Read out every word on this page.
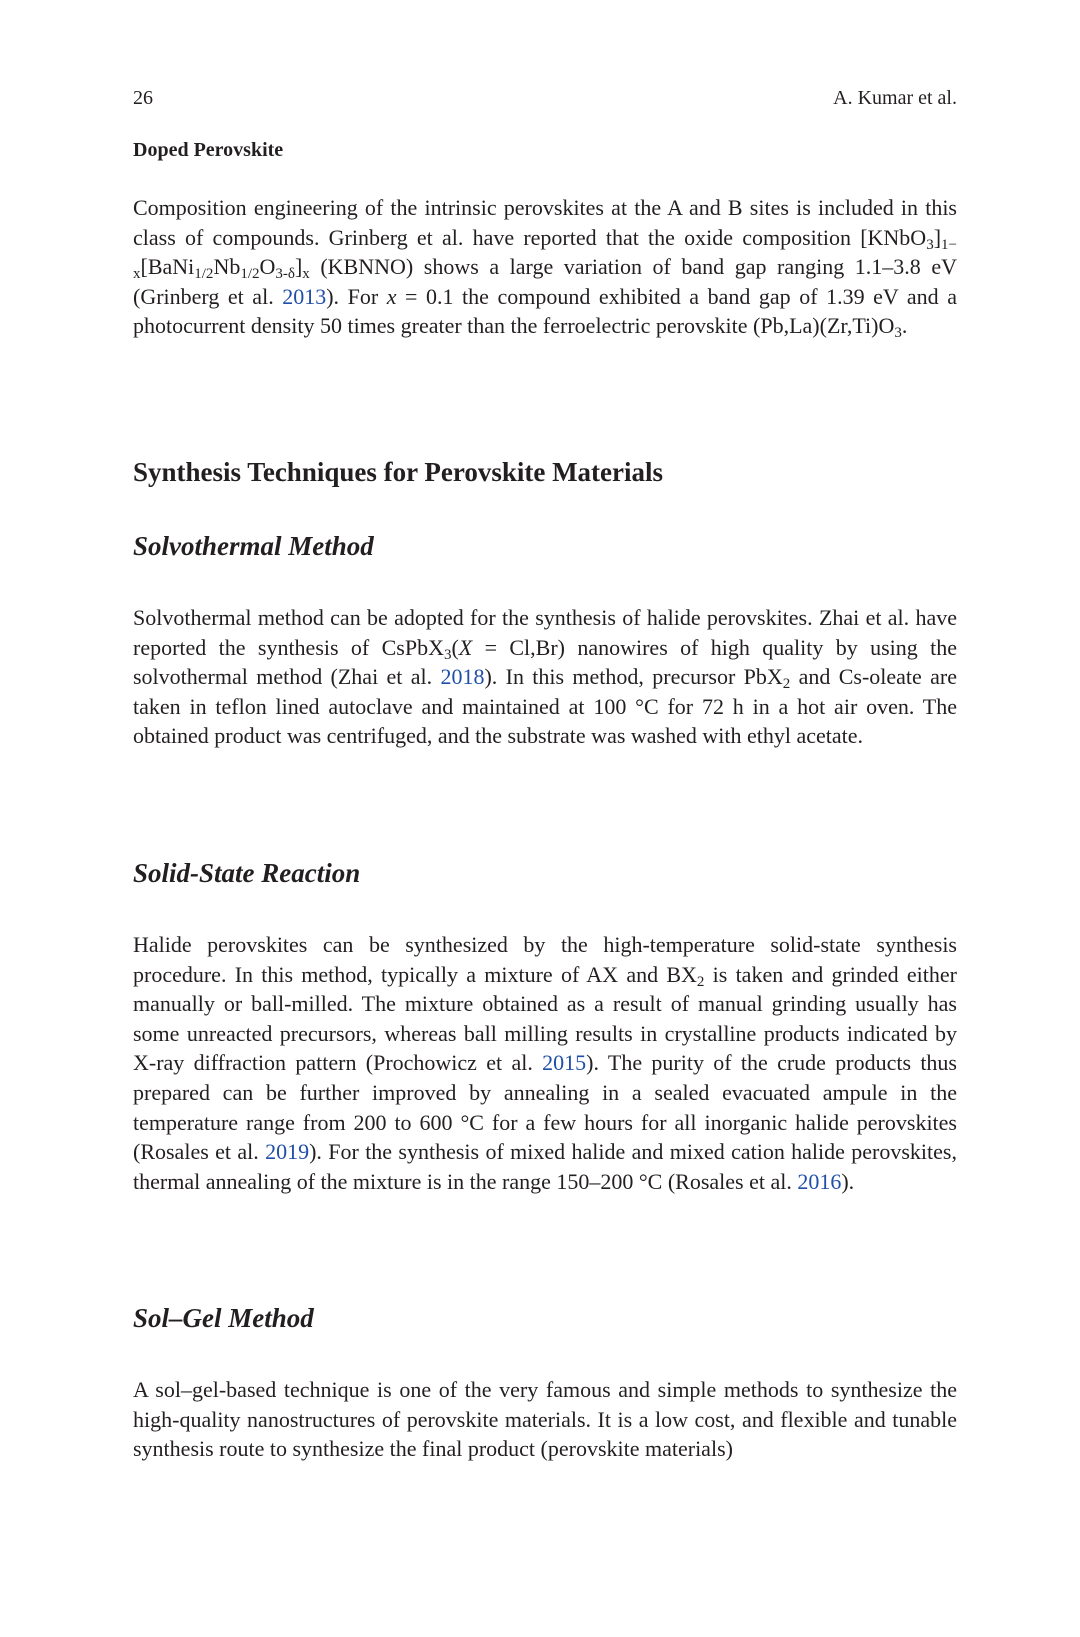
26	A. Kumar et al.

Doped Perovskite

Composition engineering of the intrinsic perovskites at the A and B sites is included in this class of compounds. Grinberg et al. have reported that the oxide composition $[KNbO_3]_{1- x}[BaNi_{1/2}Nb_{1/2}O_{3-\delta}]_x$ (KBNNO) shows a large variation of band gap ranging 1.1–3.8 eV (Grinberg et al. 2013). For x = 0.1 the compound exhibited a band gap of 1.39 eV and a photocurrent density 50 times greater than the ferroelectric perovskite $(Pb,La)(Zr,Ti)O_3$.

Synthesis Techniques for Perovskite Materials

Solvothermal Method

Solvothermal method can be adopted for the synthesis of halide perovskites. Zhai et al. have reported the synthesis of CsPbX$_3$(X = Cl,Br) nanowires of high quality by using the solvothermal method (Zhai et al. 2018). In this method, precursor PbX$_2$ and Cs-oleate are taken in teflon lined autoclave and maintained at 100 °C for 72 h in a hot air oven. The obtained product was centrifuged, and the substrate was washed with ethyl acetate.

Solid-State Reaction

Halide perovskites can be synthesized by the high-temperature solid-state synthesis procedure. In this method, typically a mixture of AX and $BX_2$ is taken and grinded either manually or ball-milled. The mixture obtained as a result of manual grinding usually has some unreacted precursors, whereas ball milling results in crystalline products indicated by X-ray diffraction pattern (Prochowicz et al. 2015). The purity of the crude products thus prepared can be further improved by annealing in a sealed evacuated ampule in the temperature range from 200 to 600 °C for a few hours for all inorganic halide perovskites (Rosales et al. 2019). For the synthesis of mixed halide and mixed cation halide perovskites, thermal annealing of the mixture is in the range 150–200 °C (Rosales et al. 2016).

Sol–Gel Method

A sol–gel-based technique is one of the very famous and simple methods to synthesize the high-quality nanostructures of perovskite materials. It is a low cost, and flexible and tunable synthesis route to synthesize the final product (perovskite materials)
